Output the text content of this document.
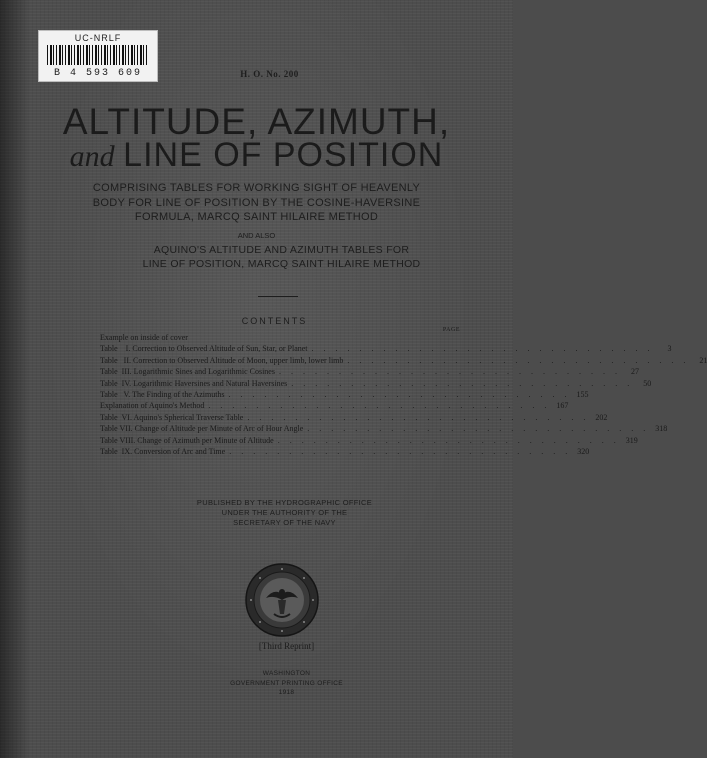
UC-NRLF
B 4 593 609	H. O. No. 200
ALTITUDE, AZIMUTH,
and LINE OF POSITION
COMPRISING TABLES FOR WORKING SIGHT OF HEAVENLY
BODY FOR LINE OF POSITION BY THE COSINE-HAVERSINE
FORMULA, MARCQ SAINT HILAIRE METHOD
AND ALSO
AQUINO'S ALTITUDE AND AZIMUTH TABLES FOR
LINE OF POSITION, MARCQ SAINT HILAIRE METHOD
CONTENTS
PAGE
Example on inside of cover
Table    I. Correction to Observed Altitude of Sun, Star, or Planet . . . . . . . . . . . . . . . . . . . . . . . . . . . . .	3
Table   II. Correction to Observed Altitude of Moon, upper limb, lower limb . . . . . . . . . . . . . . . . . . . . . . . . . . . . .	21
Table  III. Logarithmic Sines and Logarithmic Cosines . . . . . . . . . . . . . . . . . . . . . . . . . . . . .	27
Table  IV. Logarithmic Haversines and Natural Haversines . . . . . . . . . . . . . . . . . . . . . . . . . . . . .	50
Table   V. The Finding of the Azimuths . . . . . . . . . . . . . . . . . . . . . . . . . . . . . 155
Explanation of Aquino's Method . . . . . . . . . . . . . . . . . . . . . . . . . . . . . 167
Table  VI. Aquino's Spherical Traverse Table . . . . . . . . . . . . . . . . . . . . . . . . . . . . . 202
Table VII. Change of Altitude per Minute of Arc of Hour Angle . . . . . . . . . . . . . . . . . . . . . . . . . . . . . 318
Table VIII. Change of Azimuth per Minute of Altitude . . . . . . . . . . . . . . . . . . . . . . . . . . . . . 319
Table  IX. Conversion of Arc and Time . . . . . . . . . . . . . . . . . . . . . . . . . . . . . 320
PUBLISHED BY THE HYDROGRAPHIC OFFICE
UNDER THE AUTHORITY OF THE
SECRETARY OF THE NAVY
[Third Reprint]
WASHINGTON
GOVERNMENT PRINTING OFFICE
1918
